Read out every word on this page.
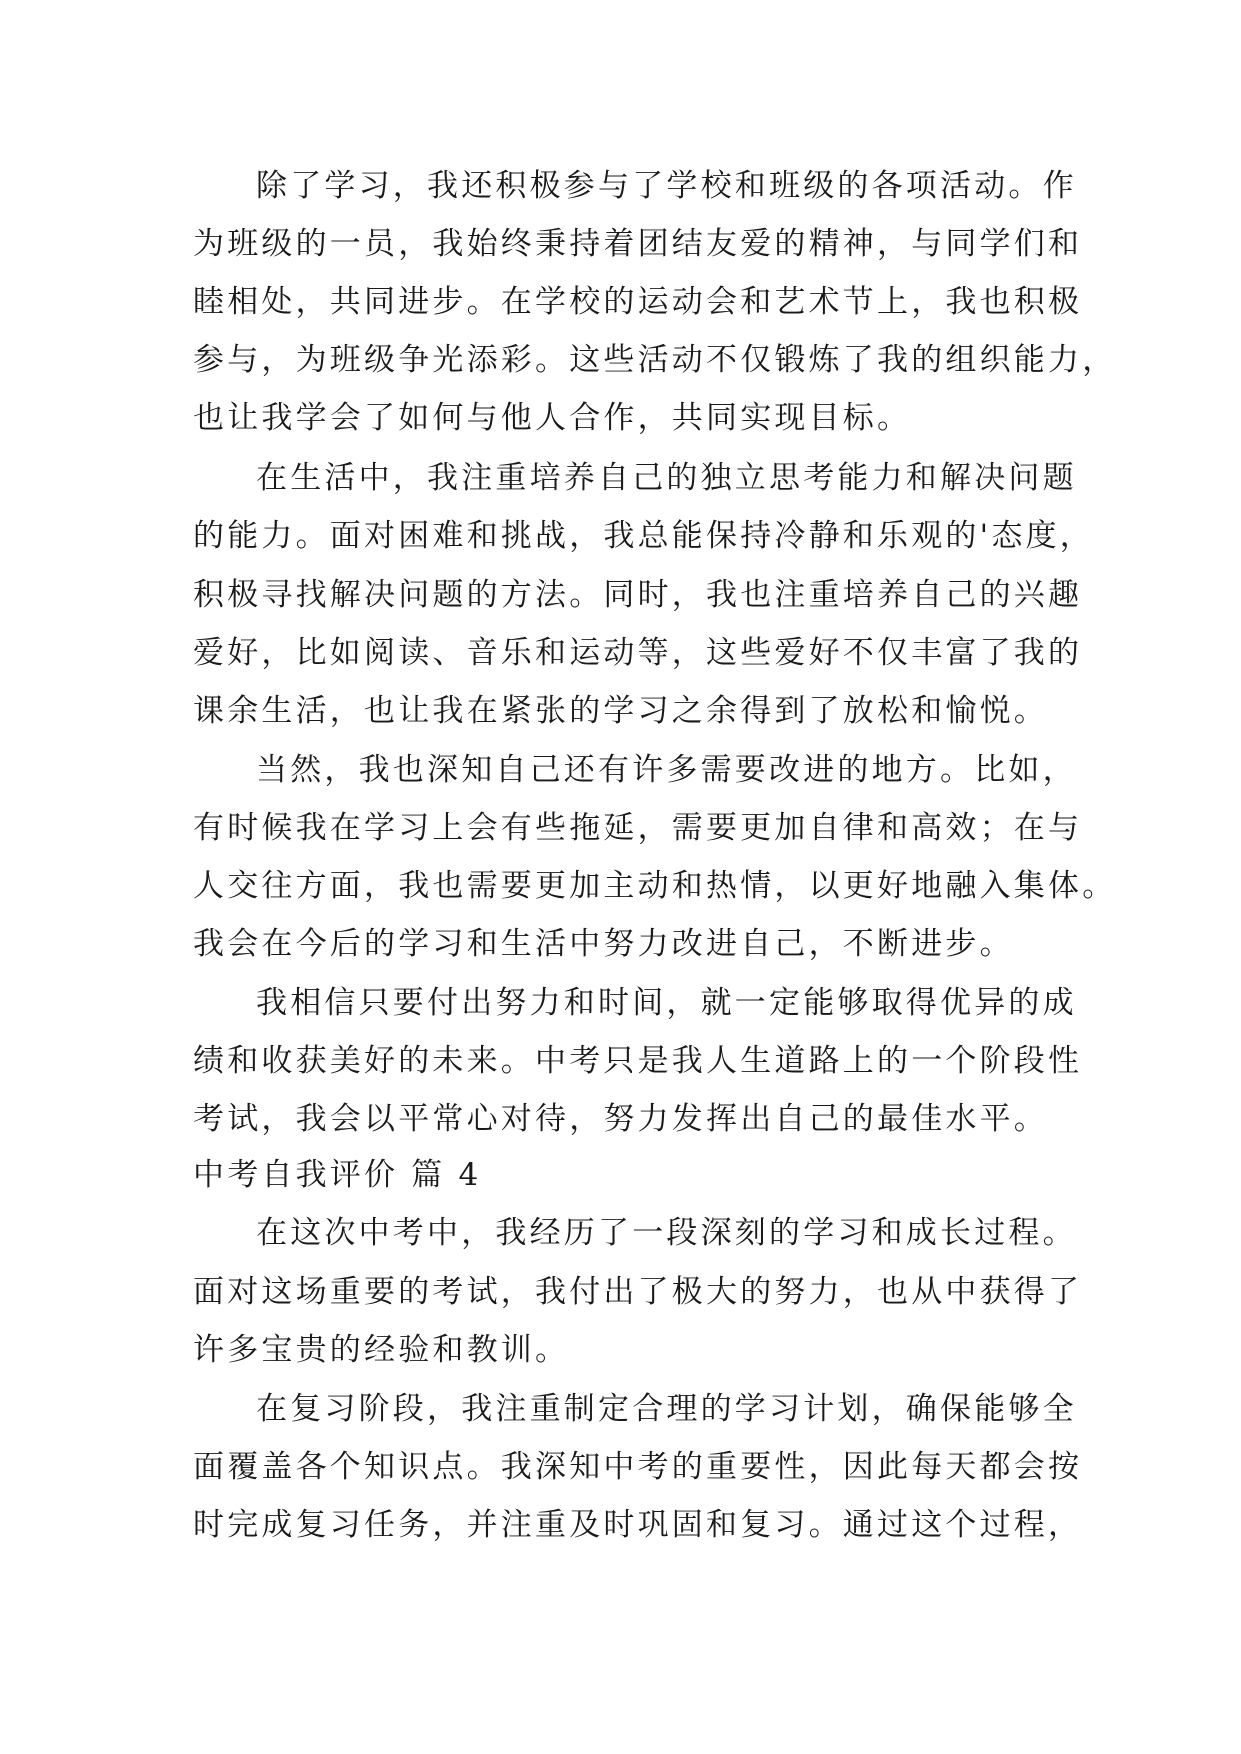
除了学习，我还积极参与了学校和班级的各项活动。作
为班级的一员，我始终秉持着团结友爱的精神，与同学们和
睦相处，共同进步。在学校的运动会和艺术节上，我也积极
参与，为班级争光添彩。这些活动不仅锻炼了我的组织能力，
也让我学会了如何与他人合作，共同实现目标。
在生活中，我注重培养自己的独立思考能力和解决问题
的能力。面对困难和挑战，我总能保持冷静和乐观的'态度，
积极寻找解决问题的方法。同时，我也注重培养自己的兴趣
爱好，比如阅读、音乐和运动等，这些爱好不仅丰富了我的
课余生活，也让我在紧张的学习之余得到了放松和愉悦。
当然，我也深知自己还有许多需要改进的地方。比如，
有时候我在学习上会有些拖延，需要更加自律和高效；在与
人交往方面，我也需要更加主动和热情，以更好地融入集体。
我会在今后的学习和生活中努力改进自己，不断进步。
我相信只要付出努力和时间，就一定能够取得优异的成
绩和收获美好的未来。中考只是我人生道路上的一个阶段性
考试，我会以平常心对待，努力发挥出自己的最佳水平。
中考自我评价 篇 4
在这次中考中，我经历了一段深刻的学习和成长过程。
面对这场重要的考试，我付出了极大的努力，也从中获得了
许多宝贵的经验和教训。
在复习阶段，我注重制定合理的学习计划，确保能够全
面覆盖各个知识点。我深知中考的重要性，因此每天都会按
时完成复习任务，并注重及时巩固和复习。通过这个过程，
